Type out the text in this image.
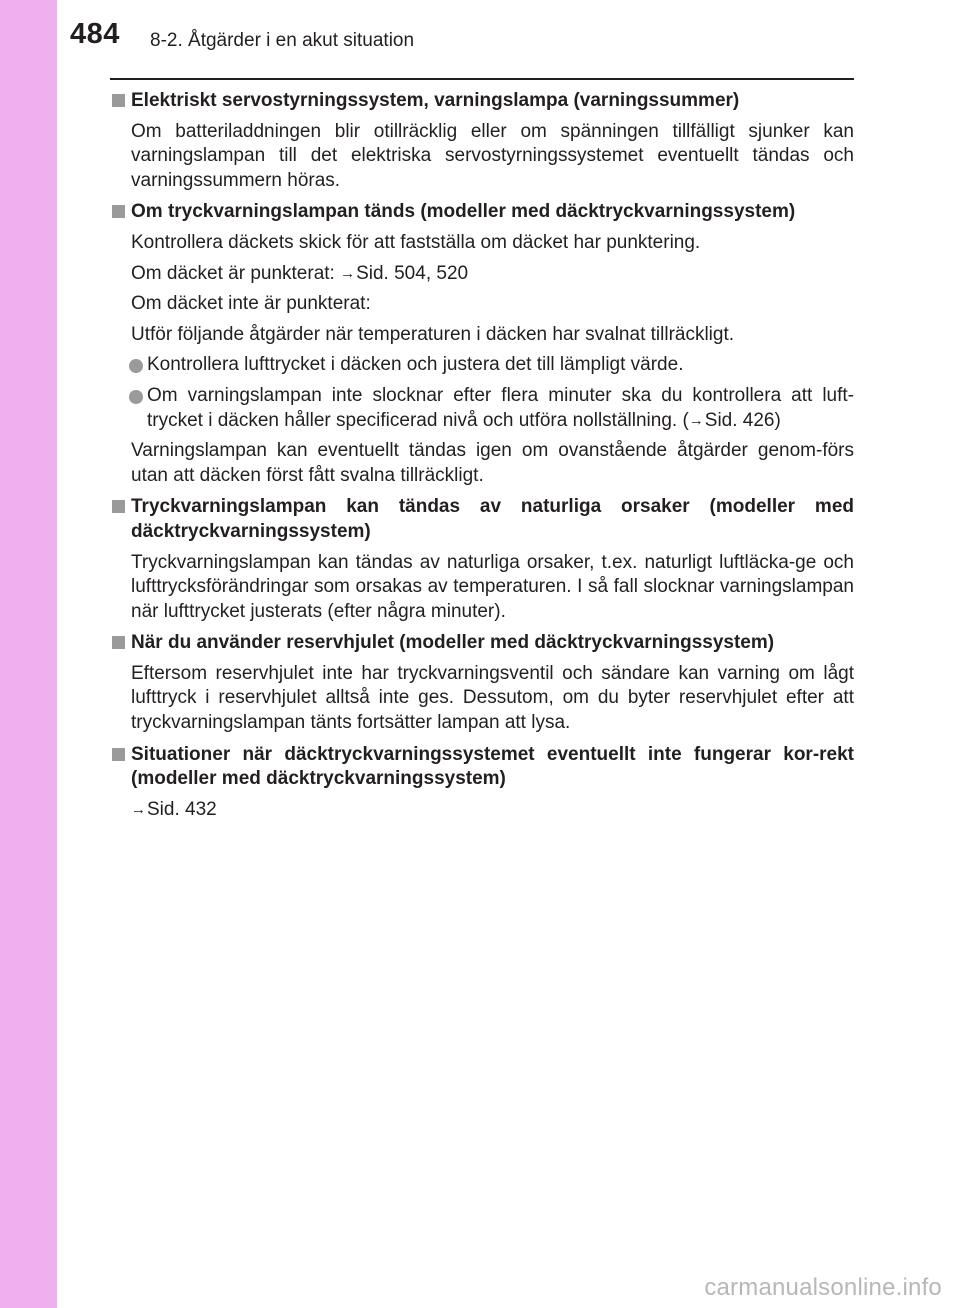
484 8-2. Åtgärder i en akut situation
Elektriskt servostyrningssystem, varningslampa (varningssummer)
Om batteriladdningen blir otillräcklig eller om spänningen tillfälligt sjunker kan varningslampan till det elektriska servostyrningssystemet eventuellt tändas och varningssummern höras.
Om tryckvarningslampan tänds (modeller med däcktryckvarningssystem)
Kontrollera däckets skick för att fastställa om däcket har punktering.
Om däcket är punkterat: →Sid. 504, 520
Om däcket inte är punkterat:
Utför följande åtgärder när temperaturen i däcken har svalnat tillräckligt.
Kontrollera lufttrycket i däcken och justera det till lämpligt värde.
Om varningslampan inte slocknar efter flera minuter ska du kontrollera att luft-trycket i däcken håller specificerad nivå och utföra nollställning. (→Sid. 426)
Varningslampan kan eventuellt tändas igen om ovanstående åtgärder genom-förs utan att däcken först fått svalna tillräckligt.
Tryckvarningslampan kan tändas av naturliga orsaker (modeller med däcktryckvarningssystem)
Tryckvarningslampan kan tändas av naturliga orsaker, t.ex. naturligt luftläcka-ge och lufttrycksförändringar som orsakas av temperaturen. I så fall slocknar varningslampan när lufttrycket justerats (efter några minuter).
När du använder reservhjulet (modeller med däcktryckvarningssystem)
Eftersom reservhjulet inte har tryckvarningsventil och sändare kan varning om lågt lufttryck i reservhjulet alltså inte ges. Dessutom, om du byter reservhjulet efter att tryckvarningslampan tänts fortsätter lampan att lysa.
Situationer när däcktryckvarningssystemet eventuellt inte fungerar kor-rekt (modeller med däcktryckvarningssystem)
→Sid. 432
carmanualsonline.info
